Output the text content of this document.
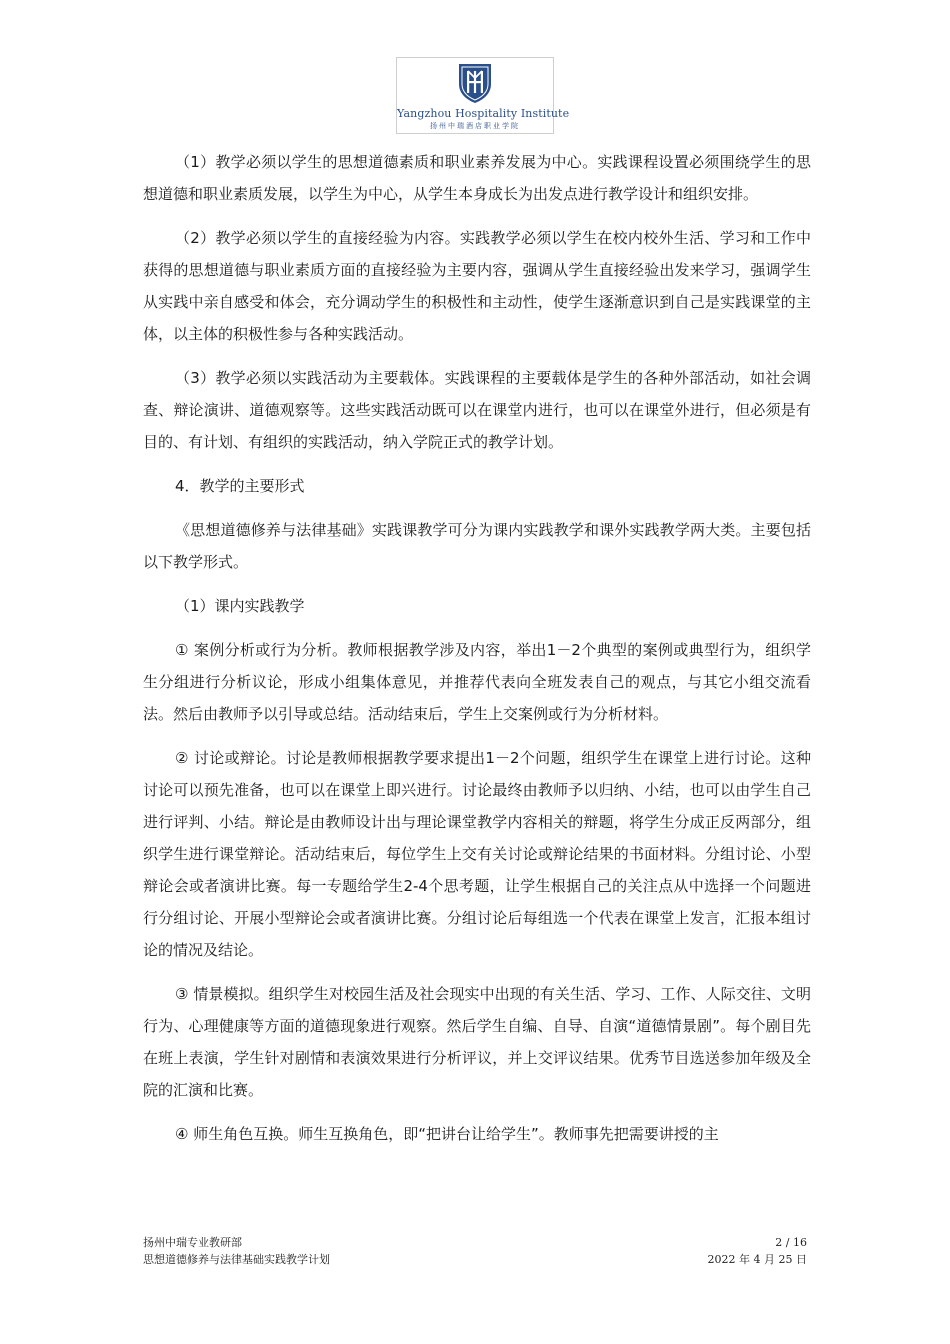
Yangzhou Hospitality Institute
扬州中瑞酒店职业学院

（1）教学必须以学生的思想道德素质和职业素养发展为中心。实践课程设置必须围绕学生的思想道德和职业素质发展，以学生为中心，从学生本身成长为出发点进行教学设计和组织安排。

（2）教学必须以学生的直接经验为内容。实践教学必须以学生在校内校外生活、学习和工作中获得的思想道德与职业素质方面的直接经验为主要内容，强调从学生直接经验出发来学习，强调学生从实践中亲自感受和体会，充分调动学生的积极性和主动性，使学生逐渐意识到自己是实践课堂的主体，以主体的积极性参与各种实践活动。

（3）教学必须以实践活动为主要载体。实践课程的主要载体是学生的各种外部活动，如社会调查、辩论演讲、道德观察等。这些实践活动既可以在课堂内进行，也可以在课堂外进行，但必须是有目的、有计划、有组织的实践活动，纳入学院正式的教学计划。

4．教学的主要形式

《思想道德修养与法律基础》实践课教学可分为课内实践教学和课外实践教学两大类。主要包括以下教学形式。

（1）课内实践教学

① 案例分析或行为分析。教师根据教学涉及内容，举出1－2个典型的案例或典型行为，组织学生分组进行分析议论，形成小组集体意见，并推荐代表向全班发表自己的观点，与其它小组交流看法。然后由教师予以引导或总结。活动结束后，学生上交案例或行为分析材料。

② 讨论或辩论。讨论是教师根据教学要求提出1－2个问题，组织学生在课堂上进行讨论。这种讨论可以预先准备，也可以在课堂上即兴进行。讨论最终由教师予以归纳、小结，也可以由学生自己进行评判、小结。辩论是由教师设计出与理论课堂教学内容相关的辩题，将学生分成正反两部分，组织学生进行课堂辩论。活动结束后，每位学生上交有关讨论或辩论结果的书面材料。分组讨论、小型辩论会或者演讲比赛。每一专题给学生2-4个思考题，让学生根据自己的关注点从中选择一个问题进行分组讨论、开展小型辩论会或者演讲比赛。分组讨论后每组选一个代表在课堂上发言，汇报本组讨论的情况及结论。

③ 情景模拟。组织学生对校园生活及社会现实中出现的有关生活、学习、工作、人际交往、文明行为、心理健康等方面的道德现象进行观察。然后学生自编、自导、自演“道德情景剧”。每个剧目先在班上表演，学生针对剧情和表演效果进行分析评议，并上交评议结果。优秀节目选送参加年级及全院的汇演和比赛。

④ 师生角色互换。师生互换角色，即“把讲台让给学生”。教师事先把需要讲授的主

扬州中瑞专业教研部	2 / 16
思想道德修养与法律基础实践教学计划	2022 年 4 月 25 日
